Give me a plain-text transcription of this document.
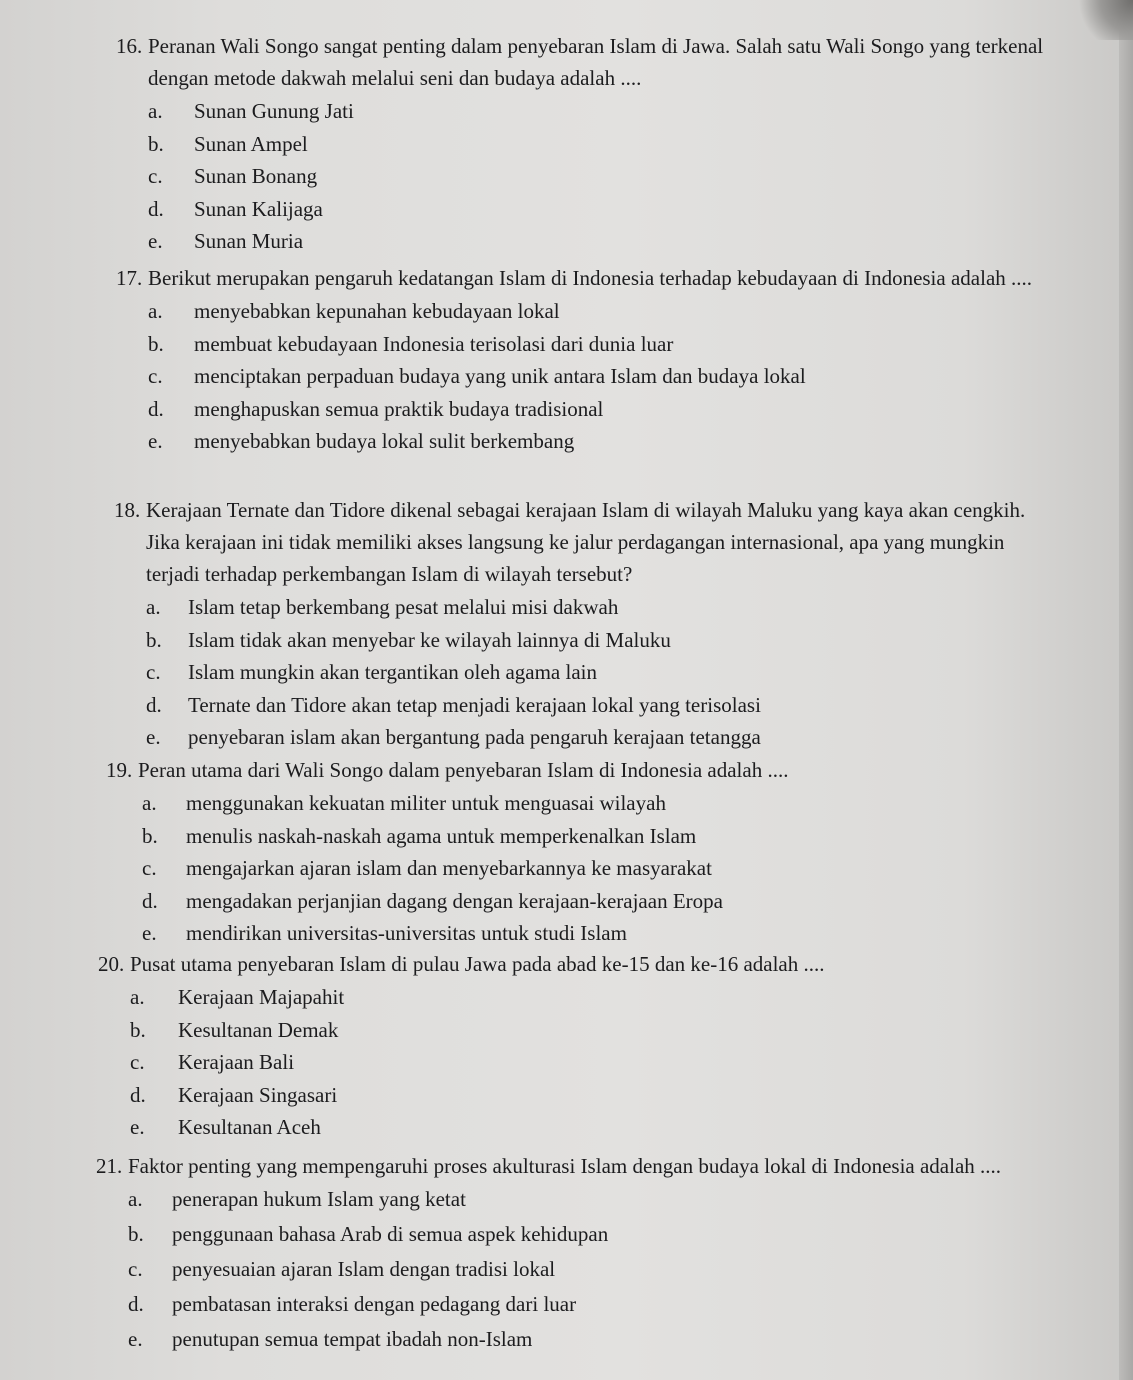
16. Peranan Wali Songo sangat penting dalam penyebaran Islam di Jawa. Salah satu Wali Songo yang terkenal dengan metode dakwah melalui seni dan budaya adalah ....
a.	Sunan Gunung Jati
b.	Sunan Ampel
c.	Sunan Bonang
d.	Sunan Kalijaga
e.	Sunan Muria
17. Berikut merupakan pengaruh kedatangan Islam di Indonesia terhadap kebudayaan di Indonesia adalah ....
a.	menyebabkan kepunahan kebudayaan lokal
b.	membuat kebudayaan Indonesia terisolasi dari dunia luar
c.	menciptakan perpaduan budaya yang unik antara Islam dan budaya lokal
d.	menghapuskan semua praktik budaya tradisional
e.	menyebabkan budaya lokal sulit berkembang
18. Kerajaan Ternate dan Tidore dikenal sebagai kerajaan Islam di wilayah Maluku yang kaya akan cengkih. Jika kerajaan ini tidak memiliki akses langsung ke jalur perdagangan internasional, apa yang mungkin terjadi terhadap perkembangan Islam di wilayah tersebut?
a.	Islam tetap berkembang pesat melalui misi dakwah
b.	Islam tidak akan menyebar ke wilayah lainnya di Maluku
c.	Islam mungkin akan tergantikan oleh agama lain
d.	Ternate dan Tidore akan tetap menjadi kerajaan lokal yang terisolasi
e.	penyebaran islam akan bergantung pada pengaruh kerajaan tetangga
19. Peran utama dari Wali Songo dalam penyebaran Islam di Indonesia adalah ....
a.	menggunakan kekuatan militer untuk menguasai wilayah
b.	menulis naskah-naskah agama untuk memperkenalkan Islam
c.	mengajarkan ajaran islam dan menyebarkannya ke masyarakat
d.	mengadakan perjanjian dagang dengan kerajaan-kerajaan Eropa
e.	mendirikan universitas-universitas untuk studi Islam
20. Pusat utama penyebaran Islam di pulau Jawa pada abad ke-15 dan ke-16 adalah ....
a.	Kerajaan Majapahit
b.	Kesultanan Demak
c.	Kerajaan Bali
d.	Kerajaan Singasari
e.	Kesultanan Aceh
21. Faktor penting yang mempengaruhi proses akulturasi Islam dengan budaya lokal di Indonesia adalah ....
a.	penerapan hukum Islam yang ketat
b.	penggunaan bahasa Arab di semua aspek kehidupan
c.	penyesuaian ajaran Islam dengan tradisi lokal
d.	pembatasan interaksi dengan pedagang dari luar
e.	penutupan semua tempat ibadah non-Islam
